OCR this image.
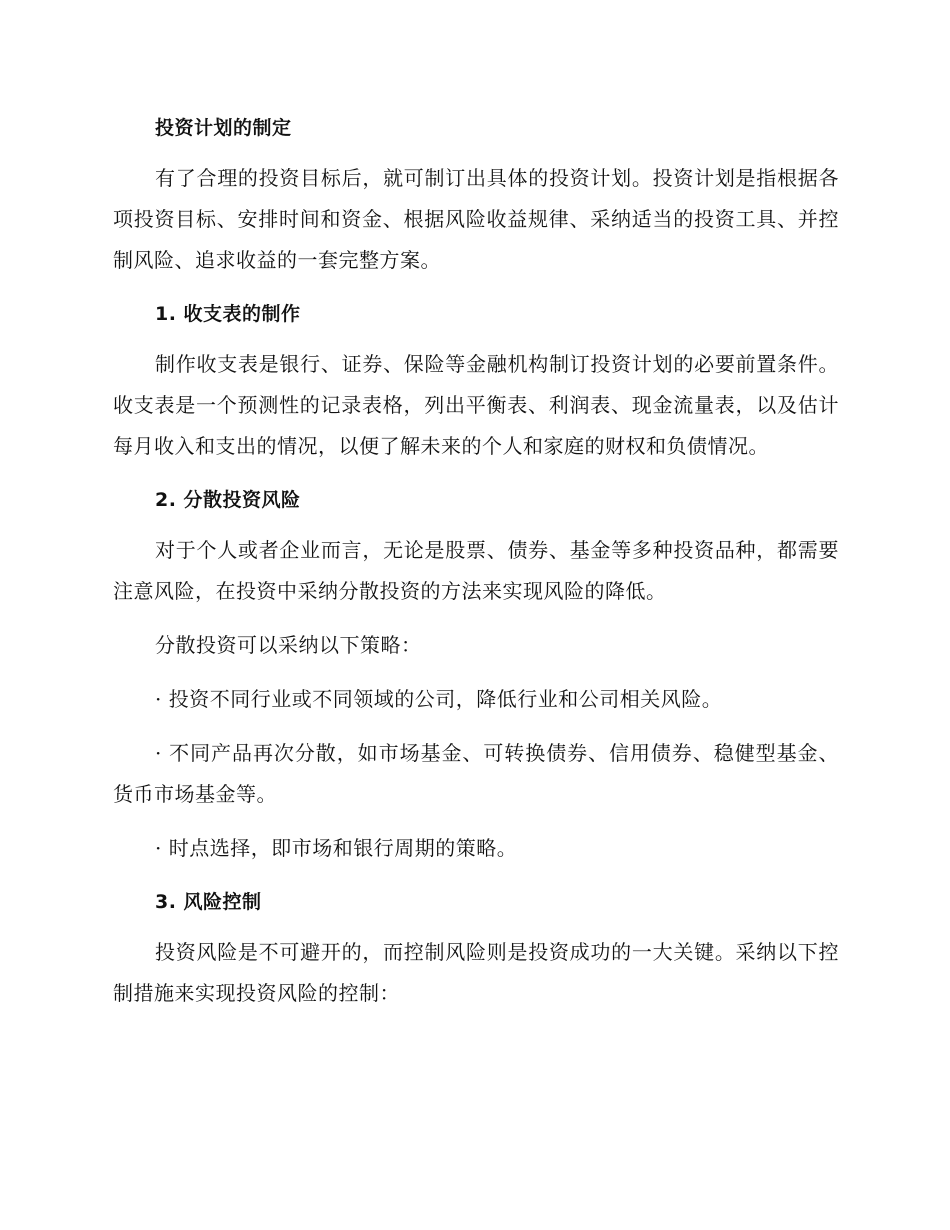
投资计划的制定

有了合理的投资目标后，就可制订出具体的投资计划。投资计划是指根据各项投资目标、安排时间和资金、根据风险收益规律、采纳适当的投资工具、并控制风险、追求收益的一套完整方案。

1. 收支表的制作

制作收支表是银行、证券、保险等金融机构制订投资计划的必要前置条件。收支表是一个预测性的记录表格，列出平衡表、利润表、现金流量表，以及估计每月收入和支出的情况，以便了解未来的个人和家庭的财权和负债情况。

2. 分散投资风险

对于个人或者企业而言，无论是股票、债券、基金等多种投资品种，都需要注意风险，在投资中采纳分散投资的方法来实现风险的降低。

分散投资可以采纳以下策略：

· 投资不同行业或不同领域的公司，降低行业和公司相关风险。

· 不同产品再次分散，如市场基金、可转换债券、信用债券、稳健型基金、货币市场基金等。

· 时点选择，即市场和银行周期的策略。

3. 风险控制

投资风险是不可避开的，而控制风险则是投资成功的一大关键。采纳以下控制措施来实现投资风险的控制：
